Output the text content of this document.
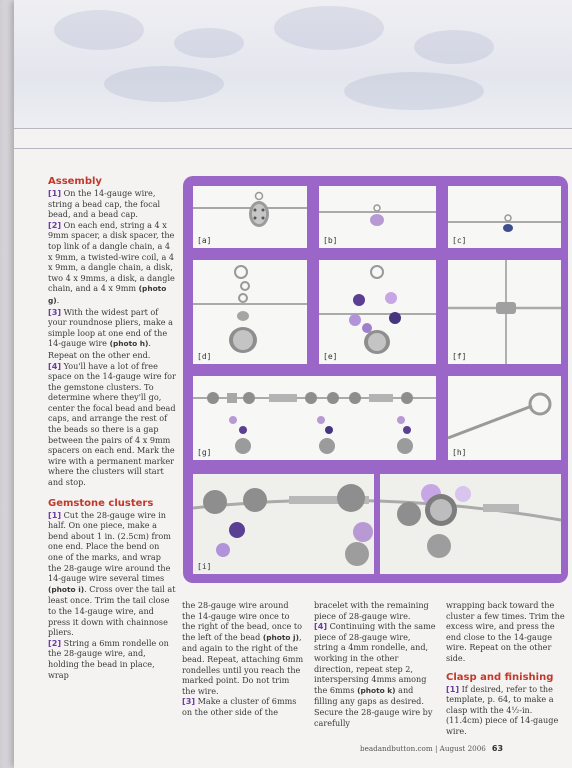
Assembly

[1] On the 14-gauge wire, string a bead cap, the focal bead, and a bead cap.

[2] On each end, string a 4 x 9mm spacer, a disk spacer, the top link of a dangle chain, a 4 x 9mm, a twisted-wire coil, a 4 x 9mm, a dangle chain, a disk, two 4 x 9mms, a disk, a dangle chain, and a 4 x 9mm (photo g).

[3] With the widest part of your roundnose pliers, make a simple loop at one end of the 14-gauge wire (photo h). Repeat on the other end.

[4] You'll have a lot of free space on the 14-gauge wire for the gemstone clusters. To determine where they'll go, center the focal bead and bead caps, and arrange the rest of the beads so there is a gap between the pairs of 4 x 9mm spacers on each end. Mark the wire with a permanent marker where the clusters will start and stop.

Gemstone clusters

[1] Cut the 28-gauge wire in half. On one piece, make a bend about 1 in. (2.5cm) from one end. Place the bend on one of the marks, and wrap the 28-gauge wire around the 14-gauge wire several times (photo i). Cross over the tail at least once. Trim the tail close to the 14-gauge wire, and press it down with chainnose pliers.

[2] String a 6mm rondelle on the 28-gauge wire, and, holding the bead in place, wrap

[a]	[b]	[c]
[d]	[e]	[f]
[g]	[h]
[i]

the 28-gauge wire around the 14-gauge wire once to the right of the bead, once to the left of the bead (photo j), and again to the right of the bead. Repeat, attaching 6mm rondelles until you reach the marked point. Do not trim the wire.

[3] Make a cluster of 6mms on the other side of the

bracelet with the remaining piece of 28-gauge wire.

[4] Continuing with the same piece of 28-gauge wire, string a 4mm rondelle, and, working in the other direction, repeat step 2, interspersing 4mms among the 6mms (photo k) and filling any gaps as desired. Secure the 28-gauge wire by carefully

wrapping back toward the cluster a few times. Trim the excess wire, and press the end close to the 14-gauge wire. Repeat on the other side.

Clasp and finishing

[1] If desired, refer to the template, p. 64, to make a clasp with the 4½-in. (11.4cm) piece of 14-gauge wire.

beadandbutton.com | August 2006 63
